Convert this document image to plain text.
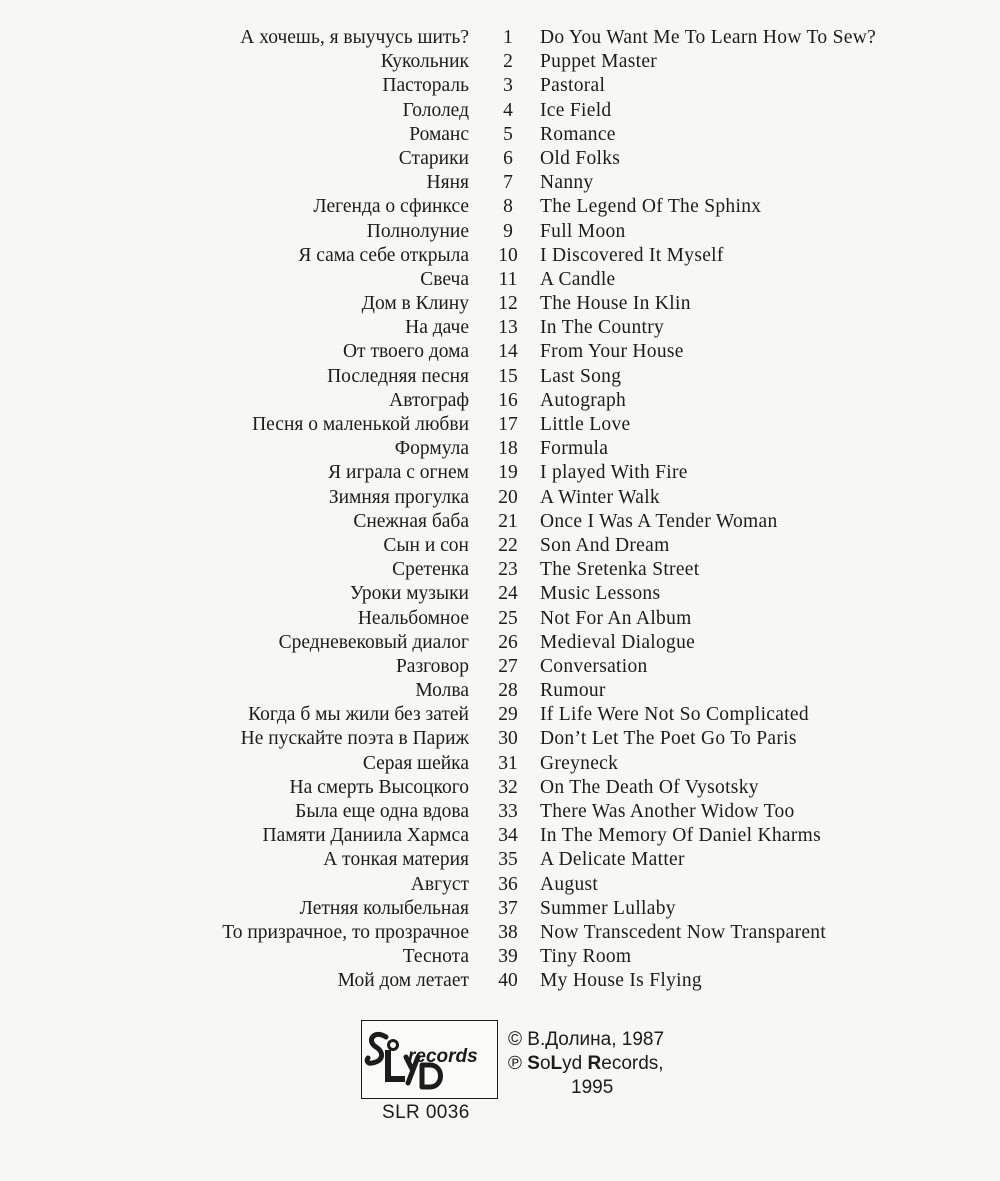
А хочешь, я выучусь шить?	1	Do You Want Me To Learn How To Sew?
Кукольник	2	Puppet Master
Пастораль	3	Pastoral
Гололед	4	Ice Field
Романс	5	Romance
Старики	6	Old Folks
Няня	7	Nanny
Легенда о сфинксе	8	The Legend Of The Sphinx
Полнолуние	9	Full Moon
Я сама себе открыла	10	I Discovered It Myself
Свеча	11	A Candle
Дом в Клину	12	The House In Klin
На даче	13	In The Country
От твоего дома	14	From Your House
Последняя песня	15	Last Song
Автограф	16	Autograph
Песня о маленькой любви	17	Little Love
Формула	18	Formula
Я играла с огнем	19	I played With Fire
Зимняя прогулка	20	A Winter Walk
Снежная баба	21	Once I Was A Tender Woman
Сын и сон	22	Son And Dream
Сретенка	23	The Sretenka Street
Уроки музыки	24	Music Lessons
Неальбомное	25	Not For An Album
Средневековый диалог	26	Medieval Dialogue
Разговор	27	Conversation
Молва	28	Rumour
Когда б мы жили без затей	29	If Life Were Not So Complicated
Не пускайте поэта в Париж	30	Don’t Let The Poet Go To Paris
Серая шейка	31	Greyneck
На смерть Высоцкого	32	On The Death Of Vysotsky
Была еще одна вдова	33	There Was Another Widow Too
Памяти Даниила Хармса	34	In The Memory Of Daniel Kharms
А тонкая материя	35	A Delicate Matter
Август	36	August
Летняя колыбельная	37	Summer Lullaby
То призрачное, то прозрачное	38	Now Transcedent Now Transparent
Теснота	39	Tiny Room
Мой дом летает	40	My House Is Flying
records
SLR 0036
© В.Долина, 1987
℗ SoLyd Records,
1995
